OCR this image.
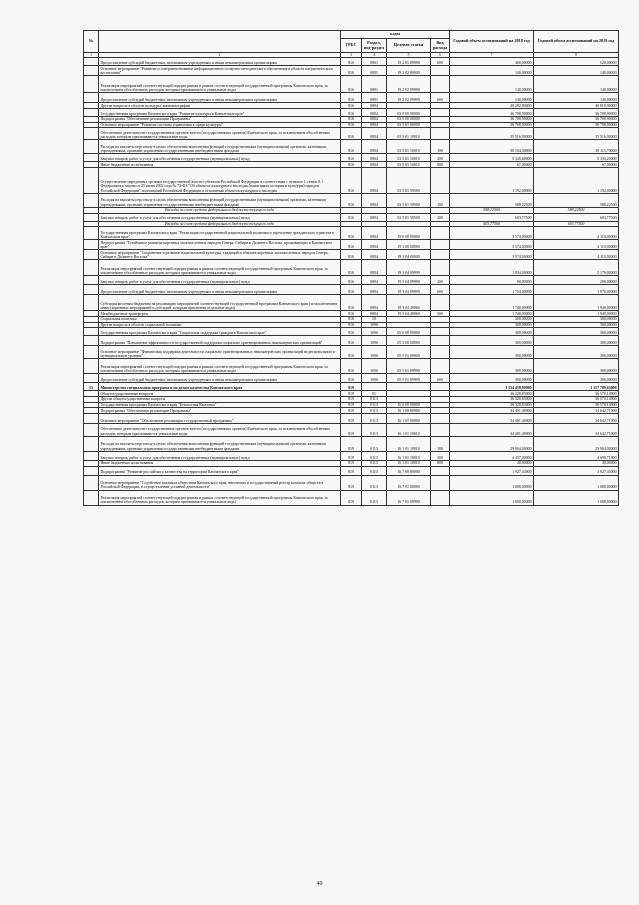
№		коды				Годовой объем ассигнований на 2018 год	Годовой объем ассигнований на 2019 год
		ГРБС	Раздел, под-раздел	Целевая статья	Вид расхода		
1	2	3	4	5	6	7	8
	Предоставление субсидий бюджетным, автономным учреждениям и иным некоммерческим организациям	816	0801	19 2 01 09990	600	460,00000	520,00000
	Основное мероприятие "Развитие и совершенствование информационного и научно-методического обеспечения в области патриотического воспитания"	816	0801	19 2 02 00000		140,00000	140,00000
	Реализация мероприятий соответствующей подпрограммы в рамках соответствующей государственной программы Камчатского края, за исключением обособленных расходов, которым присваиваются уникальные коды	816	0801	19 2 02 09990		140,00000	140,00000
	Предоставление субсидий бюджетным, автономным учреждениям и иным некоммерческим организациям	816	0801	19 2 02 09990	600	140,00000	140,00000
	Другие вопросы в области культуры, кинематографии	816	0804			40 282,90000	40 818,90000
	Государственная программа Камчатского края "Развитие культуры в Камчатском крае"	816	0804	03 0 00 00000		36 708,90000	36 708,90000
	Подпрограмма "Обеспечение реализации Программы"	816	0804	03 5 00 00000		36 708,90000	36 708,90000
	Основное мероприятие "Развитие системы управления в сфере культуры"	816	0804	03 5 01 00000		36 708,90000	36 708,90000
	Обеспечение деятельности государственных органов власти (государственных органов) Камчатского края, за исключением обособленных расходов, которым присваиваются уникальные коды	816	0804	03 5 01 10010		35 516,90000	35 516,90000
	Расходы на выплаты персоналу в целях обеспечения выполнения функций государственными (муниципальными) органами, казенными учреждениями, органами управления государственными внебюджетными фондами	816	0804	03 5 01 10010	100	30 104,30000	30 115,70000
	Закупка товаров, работ и услуг для обеспечения государственных (муниципальных) нужд	816	0804	03 5 01 10010	200	5 345,60000	5 334,20000
	Иные бюджетные ассигнования	816	0804	03 5 01 10010	800	67,00000	67,00000
	Осуществление переданных органам государственной власти субъектов Российской Федерации в соответствии с пунктом 1 статьи 9.1 Федерального закона от 25 июня 2002 года № 73-ФЗ "Об объектах культурного наследия (памятниках истории и культуры) народов Российской Федерации" полномочий Российской Федерации в отношении объектов культурного наследия	816	0804	03 5 01 59500		1 192,00000	1 192,00000
	Расходы на выплаты персоналу в целях обеспечения выполнения функций государственными (муниципальными) органами, казенными учреждениями, органами управления государственными внебюджетными фондами	816	0804	03 5 01 59500	100	588,22500	588,22500
	Расходы за счет средств федерального бюджета текущего года					588,22500	588,22500
	Закупка товаров, работ и услуг для обеспечения государственных (муниципальных) нужд	816	0804	03 5 01 59500	200	603,77500	603,77500
	Расходы за счет средств федерального бюджета текущего года					603,77500	603,77500
	Государственная программа Камчатского края "Реализация государственной национальной политики и укрепление гражданского единства в Камчатском крае"	816	0804	19 0 00 00000		3 574,00000	4 110,00000
	Подпрограмма "Устойчивое развитие коренных малочисленных народов Севера, Сибири и Дальнего Востока, проживающих в Камчатском крае"	816	0804	19 3 00 00000		3 574,00000	4 110,00000
	Основное мероприятие "Сохранение и развитие национальной культуры, традиций и обычаев коренных малочисленных народов Севера, Сибири и Дальнего Востока"	816	0804	19 3 04 00000		3 574,00000	4 110,00000
	Реализация мероприятий соответствующей подпрограммы в рамках соответствующей государственной программы Камчатского края, за исключением обособленных расходов, которым присваиваются уникальные коды	816	0804	19 3 04 09990		1 834,00000	2 170,00000
	Закупка товаров, работ и услуг для обеспечения государственных (муниципальных) нужд	816	0804	19 3 04 09990	200	80,00000	200,00000
	Предоставление субсидий бюджетным, автономным учреждениям и иным некоммерческим организациям	816	0804	19 3 04 09990	600	1 754,00000	1 970,00000
	Субсидии местным бюджетам на реализацию мероприятий соответствующей государственной программы Камчатского края (за исключением инвестиционных мероприятий и субсидий, которым присвоены отдельные коды)	816	0804	19 3 04 40060		1 740,00000	1 940,00000
	Межбюджетные трансферты	816	0804	19 3 04 40060	500	1 740,00000	1 940,00000
	Социальная политика	816	10			300,00000	300,00000
	Другие вопросы в области социальной политики	816	1006			300,00000	300,00000
	Государственная программа Камчатского края "Социальная поддержка граждан в Камчатском крае"	816	1006	05 0 00 00000		300,00000	300,00000
	Подпрограмма "Повышение эффективности государственной поддержки социально ориентированных некоммерческих организаций"	816	1006	05 5 00 00000		300,00000	300,00000
	Основное мероприятие "Финансовая поддержка деятельности социально ориентированных некоммерческих организаций на региональном и муниципальном уровнях"	816	1006	05 5 01 00000		300,00000	300,00000
	Реализация мероприятий соответствующей подпрограммы в рамках соответствующей государственной программы Камчатского края, за исключением обособленных расходов, которым присваиваются уникальные коды	816	1006	05 5 01 09990		300,00000	300,00000
	Предоставление субсидий бюджетным, автономным учреждениям и иным некоммерческим организациям	816	1006	05 5 01 09990	600	300,00000	300,00000
15	Министерство специальных программ и по делам казачества Камчатского края	819				1 154 458,90000	1 157 789,63000
	Общегосударственные вопросы	819	01			36 328,83000	36 570,14900
	Другие общегосударственные вопросы	819	0113			36 328,83000	36 570,14900
	Государственная программа Камчатского края "Безопасная Камчатка"	819	0113	16 0 00 00000		36 328,83000	36 570,14900
	Подпрограмма "Обеспечение реализации Программы"	819	0113	16 1 00 00000		34 401,40000	34 642,71900
	Основное мероприятие "Обеспечение реализации государственной программы"	819	0113	16 1 01 00000		34 401,40000	34 642,71900
	Обеспечение деятельности государственных органов власти (государственных органов) Камчатского края, за исключением обособленных расходов, которым присваиваются уникальные коды	819	0113	16 1 01 10010		34 401,40000	34 642,71900
	Расходы на выплаты персоналу в целях обеспечения выполнения функций государственными (муниципальными) органами, казенными учреждениями, органами управления государственными внебюджетными фондами	819	0113	16 1 01 10010	100	29 904,00000	29 904,00000
	Закупка товаров, работ и услуг для обеспечения государственных (муниципальных) нужд	819	0113	16 1 01 10010	200	4 457,40000	4 698,71900
	Иные бюджетные ассигнования	819	0113	16 1 01 10010	800	40,00000	40,00000
	Подпрограмма "Развитие российского казачества на территории Камчатского края"	819	0113	16 7 00 00000		1 927,43000	1 927,43000
	Основное мероприятие "Содействие казачьим обществам Камчатского края, внесенных в государственный реестр казачьих обществ в Российской Федерации, в осуществлении уставной деятельности"	819	0113	16 7 01 00000		1 000,00000	1 000,00000
	Реализация мероприятий соответствующей подпрограммы в рамках соответствующей государственной программы Камчатского края, за исключением обособленных расходов, которым присваиваются уникальные коды	819	0113	16 7 01 09990		1 000,00000	1 000,00000
40
